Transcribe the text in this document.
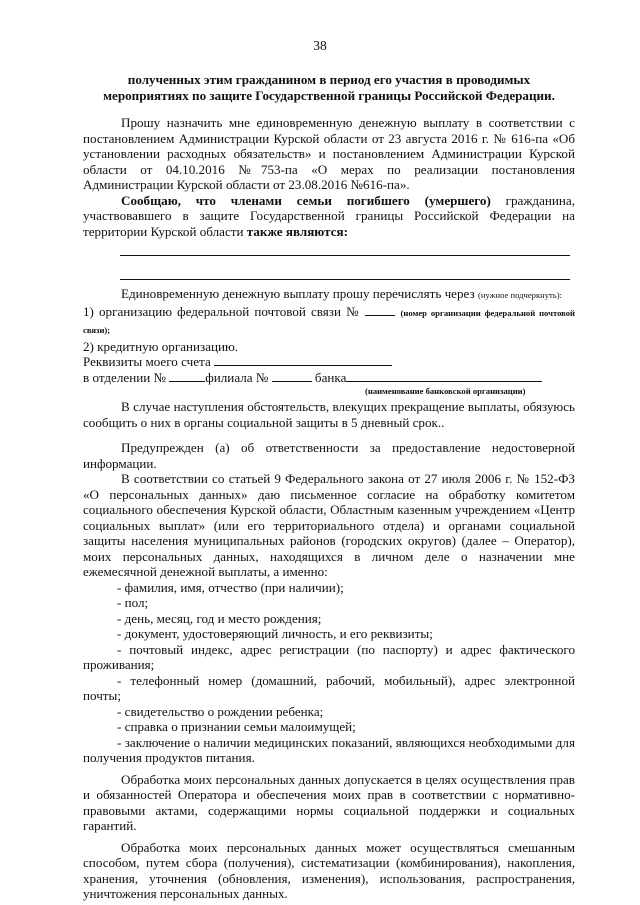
38
полученных этим гражданином в период его участия в проводимых мероприятиях по защите Государственной границы Российской Федерации.
Прошу назначить мне единовременную денежную выплату в соответствии с постановлением Администрации Курской области от 23 августа 2016 г. № 616-па «Об установлении расходных обязательств» и постановлением Администрации Курской области от 04.10.2016 №753-па «О мерах по реализации постановления Администрации Курской области от 23.08.2016 №616-па».
Сообщаю, что членами семьи погибшего (умершего) гражданина, участвовавшего в защите Государственной границы Российской Федерации на территории Курской области также являются:
Единовременную денежную выплату прошу перечислять через (нужное подчеркнуть):
1) организацию федеральной почтовой связи №	(номер организации федеральной почтовой связи);
2) кредитную организацию.
Реквизиты моего счета
в отделении №	филиала №	банка
(наименование банковской организации)
В случае наступления обстоятельств, влекущих прекращение выплаты, обязуюсь сообщить о них в органы социальной защиты в 5 дневный срок..
Предупрежден (а) об ответственности за предоставление недостоверной информации.
В соответствии со статьей 9 Федерального закона от 27 июля 2006 г. № 152-ФЗ «О персональных данных» даю письменное согласие на обработку комитетом социального обеспечения Курской области, Областным казенным учреждением «Центр социальных выплат» (или его территориального отдела) и органами социальной защиты населения муниципальных районов (городских округов) (далее – Оператор), моих персональных данных, находящихся в личном деле о назначении мне ежемесячной денежной выплаты, а именно:
- фамилия, имя, отчество (при наличии);
- пол;
- день, месяц, год и место рождения;
- документ, удостоверяющий личность, и его реквизиты;
- почтовый индекс, адрес регистрации (по паспорту) и адрес фактического проживания;
- телефонный номер (домашний, рабочий, мобильный), адрес электронной почты;
- свидетельство о рождении ребенка;
- справка о признании семьи малоимущей;
- заключение о наличии медицинских показаний, являющихся необходимыми для получения продуктов питания.
Обработка моих персональных данных допускается в целях осуществления прав и обязанностей Оператора и обеспечения моих прав в соответствии с нормативно-правовыми актами, содержащими нормы социальной поддержки и социальных гарантий.
Обработка моих персональных данных может осуществляться смешанным способом, путем сбора (получения), систематизации (комбинирования), накопления, хранения, уточнения (обновления, изменения), использования, распространения, уничтожения персональных данных.
